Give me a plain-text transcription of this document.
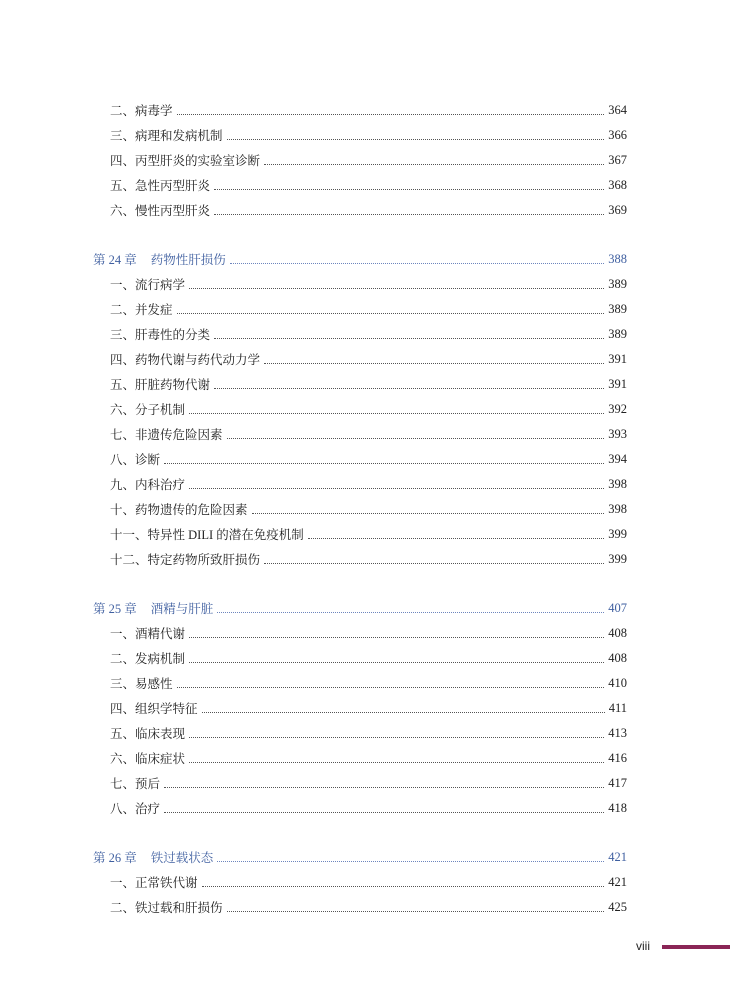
二、病毒学	364
三、病理和发病机制	366
四、丙型肝炎的实验室诊断	367
五、急性丙型肝炎	368
六、慢性丙型肝炎	369
第 24 章 药物性肝损伤	388
一、流行病学	389
二、并发症	389
三、肝毒性的分类	389
四、药物代谢与药代动力学	391
五、肝脏药物代谢	391
六、分子机制	392
七、非遗传危险因素	393
八、诊断	394
九、内科治疗	398
十、药物遗传的危险因素	398
十一、特异性 DILI 的潜在免疫机制	399
十二、特定药物所致肝损伤	399
第 25 章 酒精与肝脏	407
一、酒精代谢	408
二、发病机制	408
三、易感性	410
四、组织学特征	411
五、临床表现	413
六、临床症状	416
七、预后	417
八、治疗	418
第 26 章 铁过载状态	421
一、正常铁代谢	421
二、铁过载和肝损伤	425
viii
